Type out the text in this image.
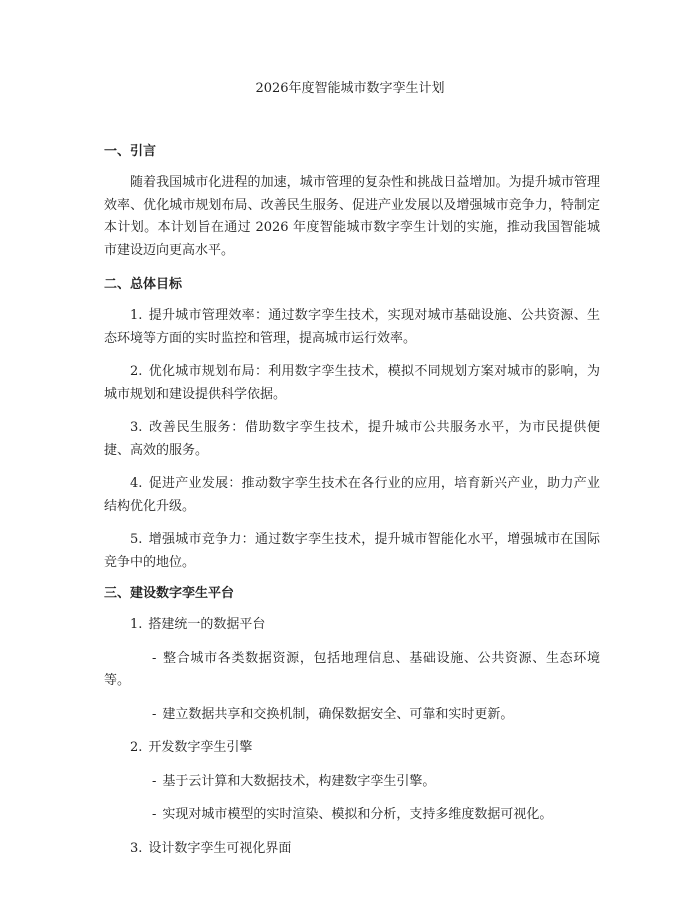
2026年度智能城市数字孪生计划
一、引言

随着我国城市化进程的加速，城市管理的复杂性和挑战日益增加。为提升城市管理效率、优化城市规划布局、改善民生服务、促进产业发展以及增强城市竞争力，特制定本计划。本计划旨在通过 2026 年度智能城市数字孪生计划的实施，推动我国智能城市建设迈向更高水平。

二、总体目标

1. 提升城市管理效率：通过数字孪生技术，实现对城市基础设施、公共资源、生态环境等方面的实时监控和管理，提高城市运行效率。

2. 优化城市规划布局：利用数字孪生技术，模拟不同规划方案对城市的影响，为城市规划和建设提供科学依据。

3. 改善民生服务：借助数字孪生技术，提升城市公共服务水平，为市民提供便捷、高效的服务。

4. 促进产业发展：推动数字孪生技术在各行业的应用，培育新兴产业，助力产业结构优化升级。

5. 增强城市竞争力：通过数字孪生技术，提升城市智能化水平，增强城市在国际竞争中的地位。

三、建设数字孪生平台

1. 搭建统一的数据平台

- 整合城市各类数据资源，包括地理信息、基础设施、公共资源、生态环境等。

- 建立数据共享和交换机制，确保数据安全、可靠和实时更新。

2. 开发数字孪生引擎

- 基于云计算和大数据技术，构建数字孪生引擎。

- 实现对城市模型的实时渲染、模拟和分析，支持多维度数据可视化。

3. 设计数字孪生可视化界面
